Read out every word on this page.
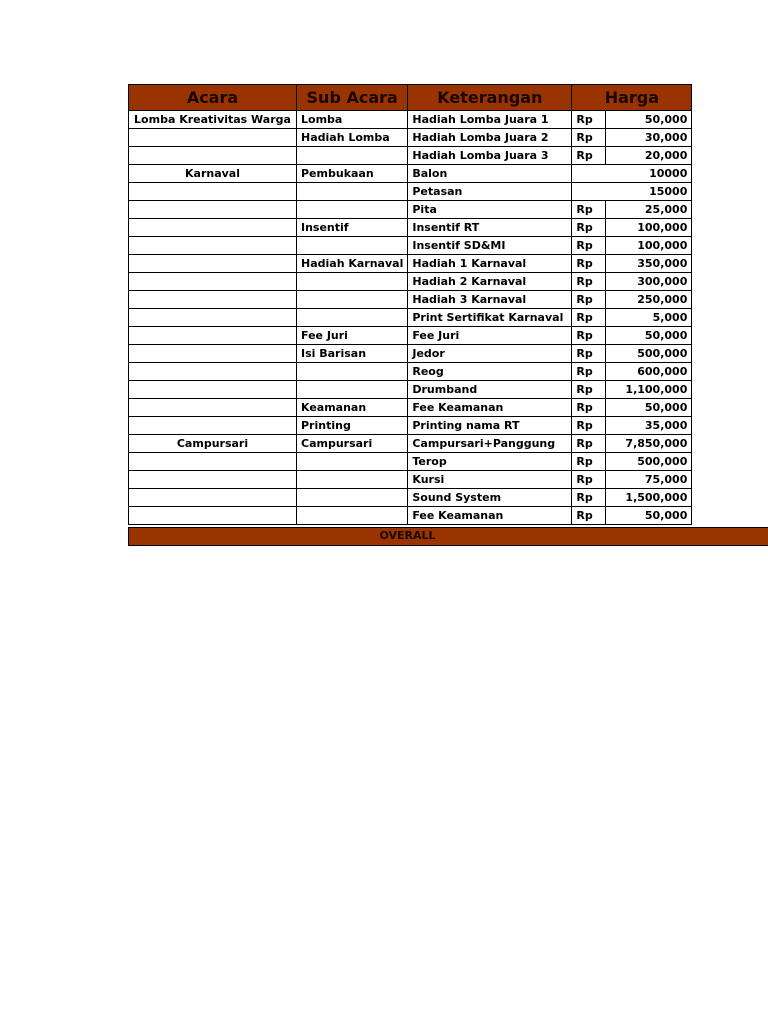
Acara	Sub Acara	Keterangan	Harga	
Lomba Kreativitas Warga	Lomba	Hadiah Lomba Juara 1	Rp	50,000
	Hadiah Lomba	Hadiah Lomba Juara 2	Rp	30,000
		Hadiah Lomba Juara 3	Rp	20,000
Karnaval	Pembukaan	Balon	10000	
		Petasan	15000	
		Pita	Rp	25,000
	Insentif	Insentif RT	Rp	100,000
		Insentif SD&MI	Rp	100,000
	Hadiah Karnaval	Hadiah 1 Karnaval	Rp	350,000
		Hadiah 2 Karnaval	Rp	300,000
		Hadiah 3 Karnaval	Rp	250,000
		Print Sertifikat Karnaval	Rp	5,000
	Fee Juri	Fee Juri	Rp	50,000
	Isi Barisan	Jedor	Rp	500,000
		Reog	Rp	600,000
		Drumband	Rp	1,100,000
	Keamanan	Fee Keamanan	Rp	50,000
	Printing	Printing nama RT	Rp	35,000
Campursari	Campursari	Campursari+Panggung	Rp	7,850,000
		Terop	Rp	500,000
		Kursi	Rp	75,000
		Sound System	Rp	1,500,000
		Fee Keamanan	Rp	50,000
OVERALL
